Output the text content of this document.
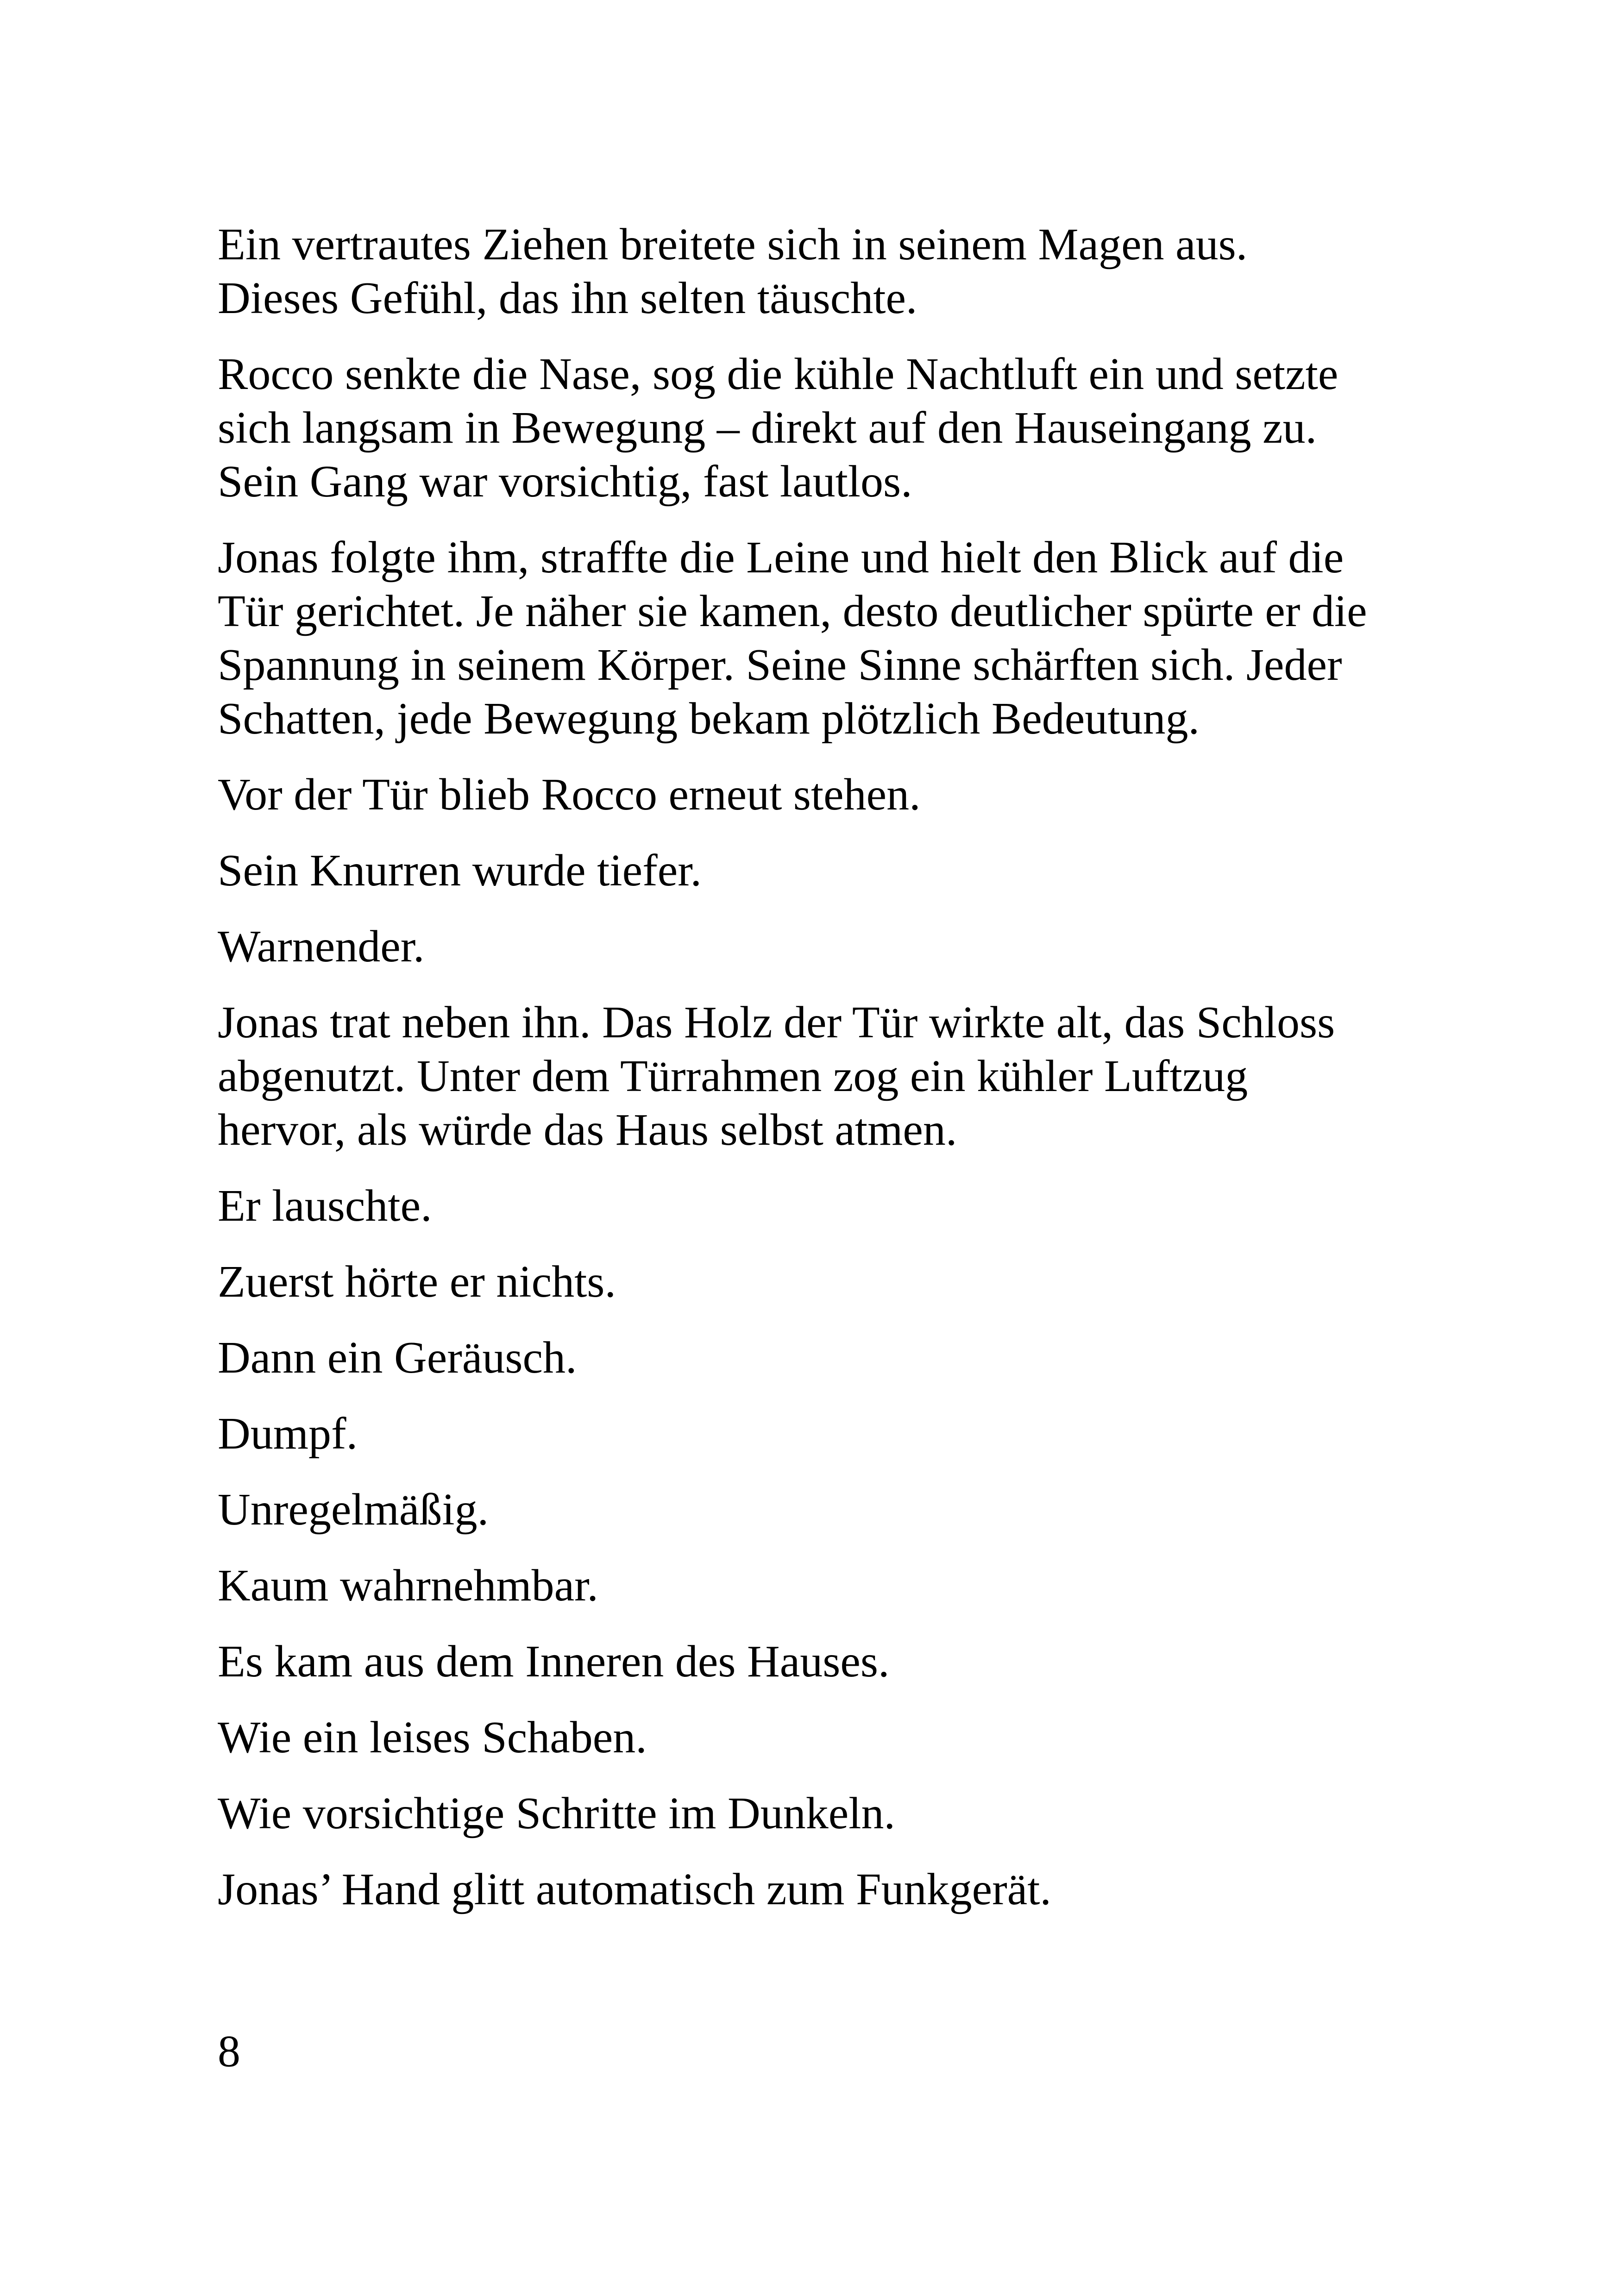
Ein vertrautes Ziehen breitete sich in seinem Magen aus.
Dieses Gefühl, das ihn selten täuschte.

Rocco senkte die Nase, sog die kühle Nachtluft ein und setzte
sich langsam in Bewegung – direkt auf den Hauseingang zu.
Sein Gang war vorsichtig, fast lautlos.

Jonas folgte ihm, straffte die Leine und hielt den Blick auf die
Tür gerichtet. Je näher sie kamen, desto deutlicher spürte er die
Spannung in seinem Körper. Seine Sinne schärften sich. Jeder
Schatten, jede Bewegung bekam plötzlich Bedeutung.

Vor der Tür blieb Rocco erneut stehen.

Sein Knurren wurde tiefer.

Warnender.

Jonas trat neben ihn. Das Holz der Tür wirkte alt, das Schloss
abgenutzt. Unter dem Türrahmen zog ein kühler Luftzug
hervor, als würde das Haus selbst atmen.

Er lauschte.

Zuerst hörte er nichts.

Dann ein Geräusch.

Dumpf.

Unregelmäßig.

Kaum wahrnehmbar.

Es kam aus dem Inneren des Hauses.

Wie ein leises Schaben.

Wie vorsichtige Schritte im Dunkeln.

Jonas’ Hand glitt automatisch zum Funkgerät.

8
